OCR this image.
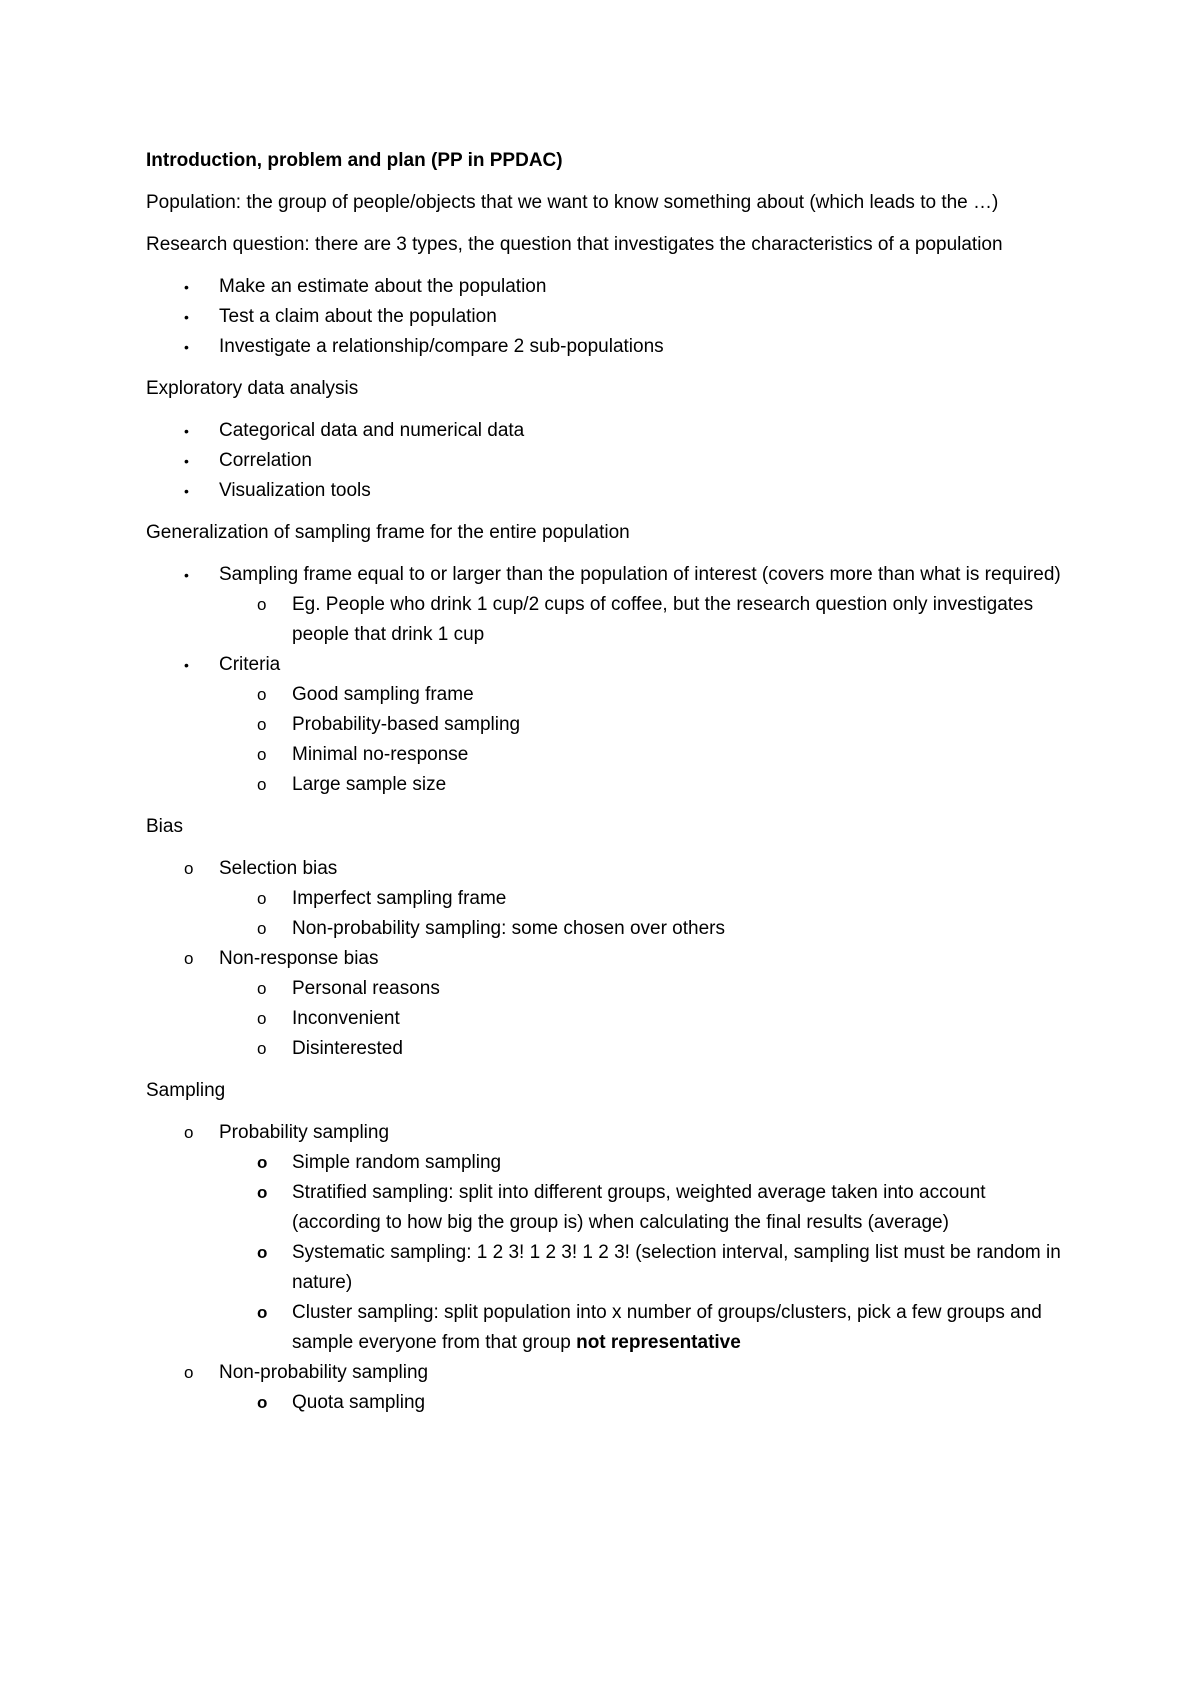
Introduction, problem and plan (PP in PPDAC)

Population: the group of people/objects that we want to know something about (which leads to the …)

Research question: there are 3 types, the question that investigates the characteristics of a population

•	Make an estimate about the population
•	Test a claim about the population
•	Investigate a relationship/compare 2 sub-populations

Exploratory data analysis

•	Categorical data and numerical data
•	Correlation
•	Visualization tools

Generalization of sampling frame for the entire population

•	Sampling frame equal to or larger than the population of interest (covers more than what is required)
o	Eg. People who drink 1 cup/2 cups of coffee, but the research question only investigates people that drink 1 cup
•	Criteria
o	Good sampling frame
o	Probability-based sampling
o	Minimal no-response
o	Large sample size

Bias

o	Selection bias
o	Imperfect sampling frame
o	Non-probability sampling: some chosen over others
o	Non-response bias
o	Personal reasons
o	Inconvenient
o	Disinterested

Sampling

o	Probability sampling
o	Simple random sampling
o	Stratified sampling: split into different groups, weighted average taken into account (according to how big the group is) when calculating the final results (average)
o	Systematic sampling: 1 2 3! 1 2 3! 1 2 3! (selection interval, sampling list must be random in nature)
o	Cluster sampling: split population into x number of groups/clusters, pick a few groups and sample everyone from that group not representative
o	Non-probability sampling
o	Quota sampling
